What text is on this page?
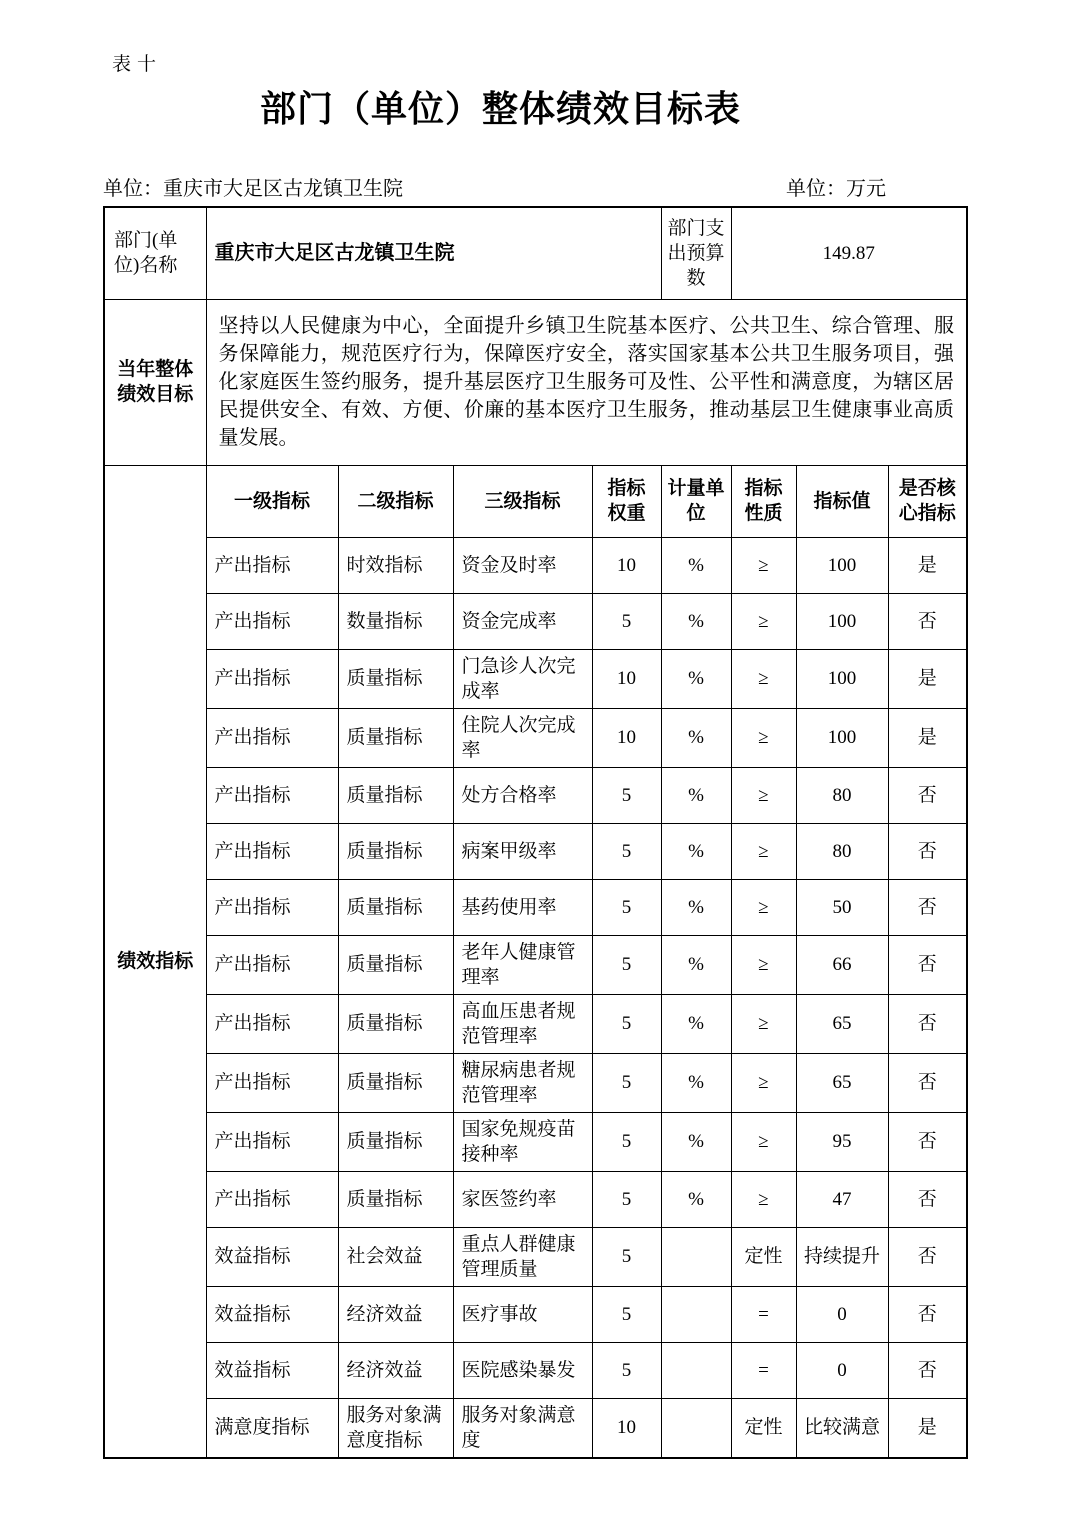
表十
部门（单位）整体绩效目标表
单位：重庆市大足区古龙镇卫生院	单位：万元
部门(单位)名称	重庆市大足区古龙镇卫生院				部门支出预算数	149.87		
当年整体绩效目标	坚持以人民健康为中心，全面提升乡镇卫生院基本医疗、公共卫生、综合管理、服务保障能力，规范医疗行为，保障医疗安全，落实国家基本公共卫生服务项目，强化家庭医生签约服务，提升基层医疗卫生服务可及性、公平性和满意度，为辖区居民提供安全、有效、方便、价廉的基本医疗卫生服务，推动基层卫生健康事业高质量发展。							
绩效指标	一级指标	二级指标	三级指标	指标权重	计量单位	指标性质	指标值	是否核心指标
	产出指标	时效指标	资金及时率	10	%	≥	100	是
	产出指标	数量指标	资金完成率	5	%	≥	100	否
	产出指标	质量指标	门急诊人次完成率	10	%	≥	100	是
	产出指标	质量指标	住院人次完成率	10	%	≥	100	是
	产出指标	质量指标	处方合格率	5	%	≥	80	否
	产出指标	质量指标	病案甲级率	5	%	≥	80	否
	产出指标	质量指标	基药使用率	5	%	≥	50	否
	产出指标	质量指标	老年人健康管理率	5	%	≥	66	否
	产出指标	质量指标	高血压患者规范管理率	5	%	≥	65	否
	产出指标	质量指标	糖尿病患者规范管理率	5	%	≥	65	否
	产出指标	质量指标	国家免规疫苗接种率	5	%	≥	95	否
	产出指标	质量指标	家医签约率	5	%	≥	47	否
	效益指标	社会效益	重点人群健康管理质量	5		定性	持续提升	否
	效益指标	经济效益	医疗事故	5		=	0	否
	效益指标	经济效益	医院感染暴发	5		=	0	否
	满意度指标	服务对象满意度指标	服务对象满意度	10		定性	比较满意	是
